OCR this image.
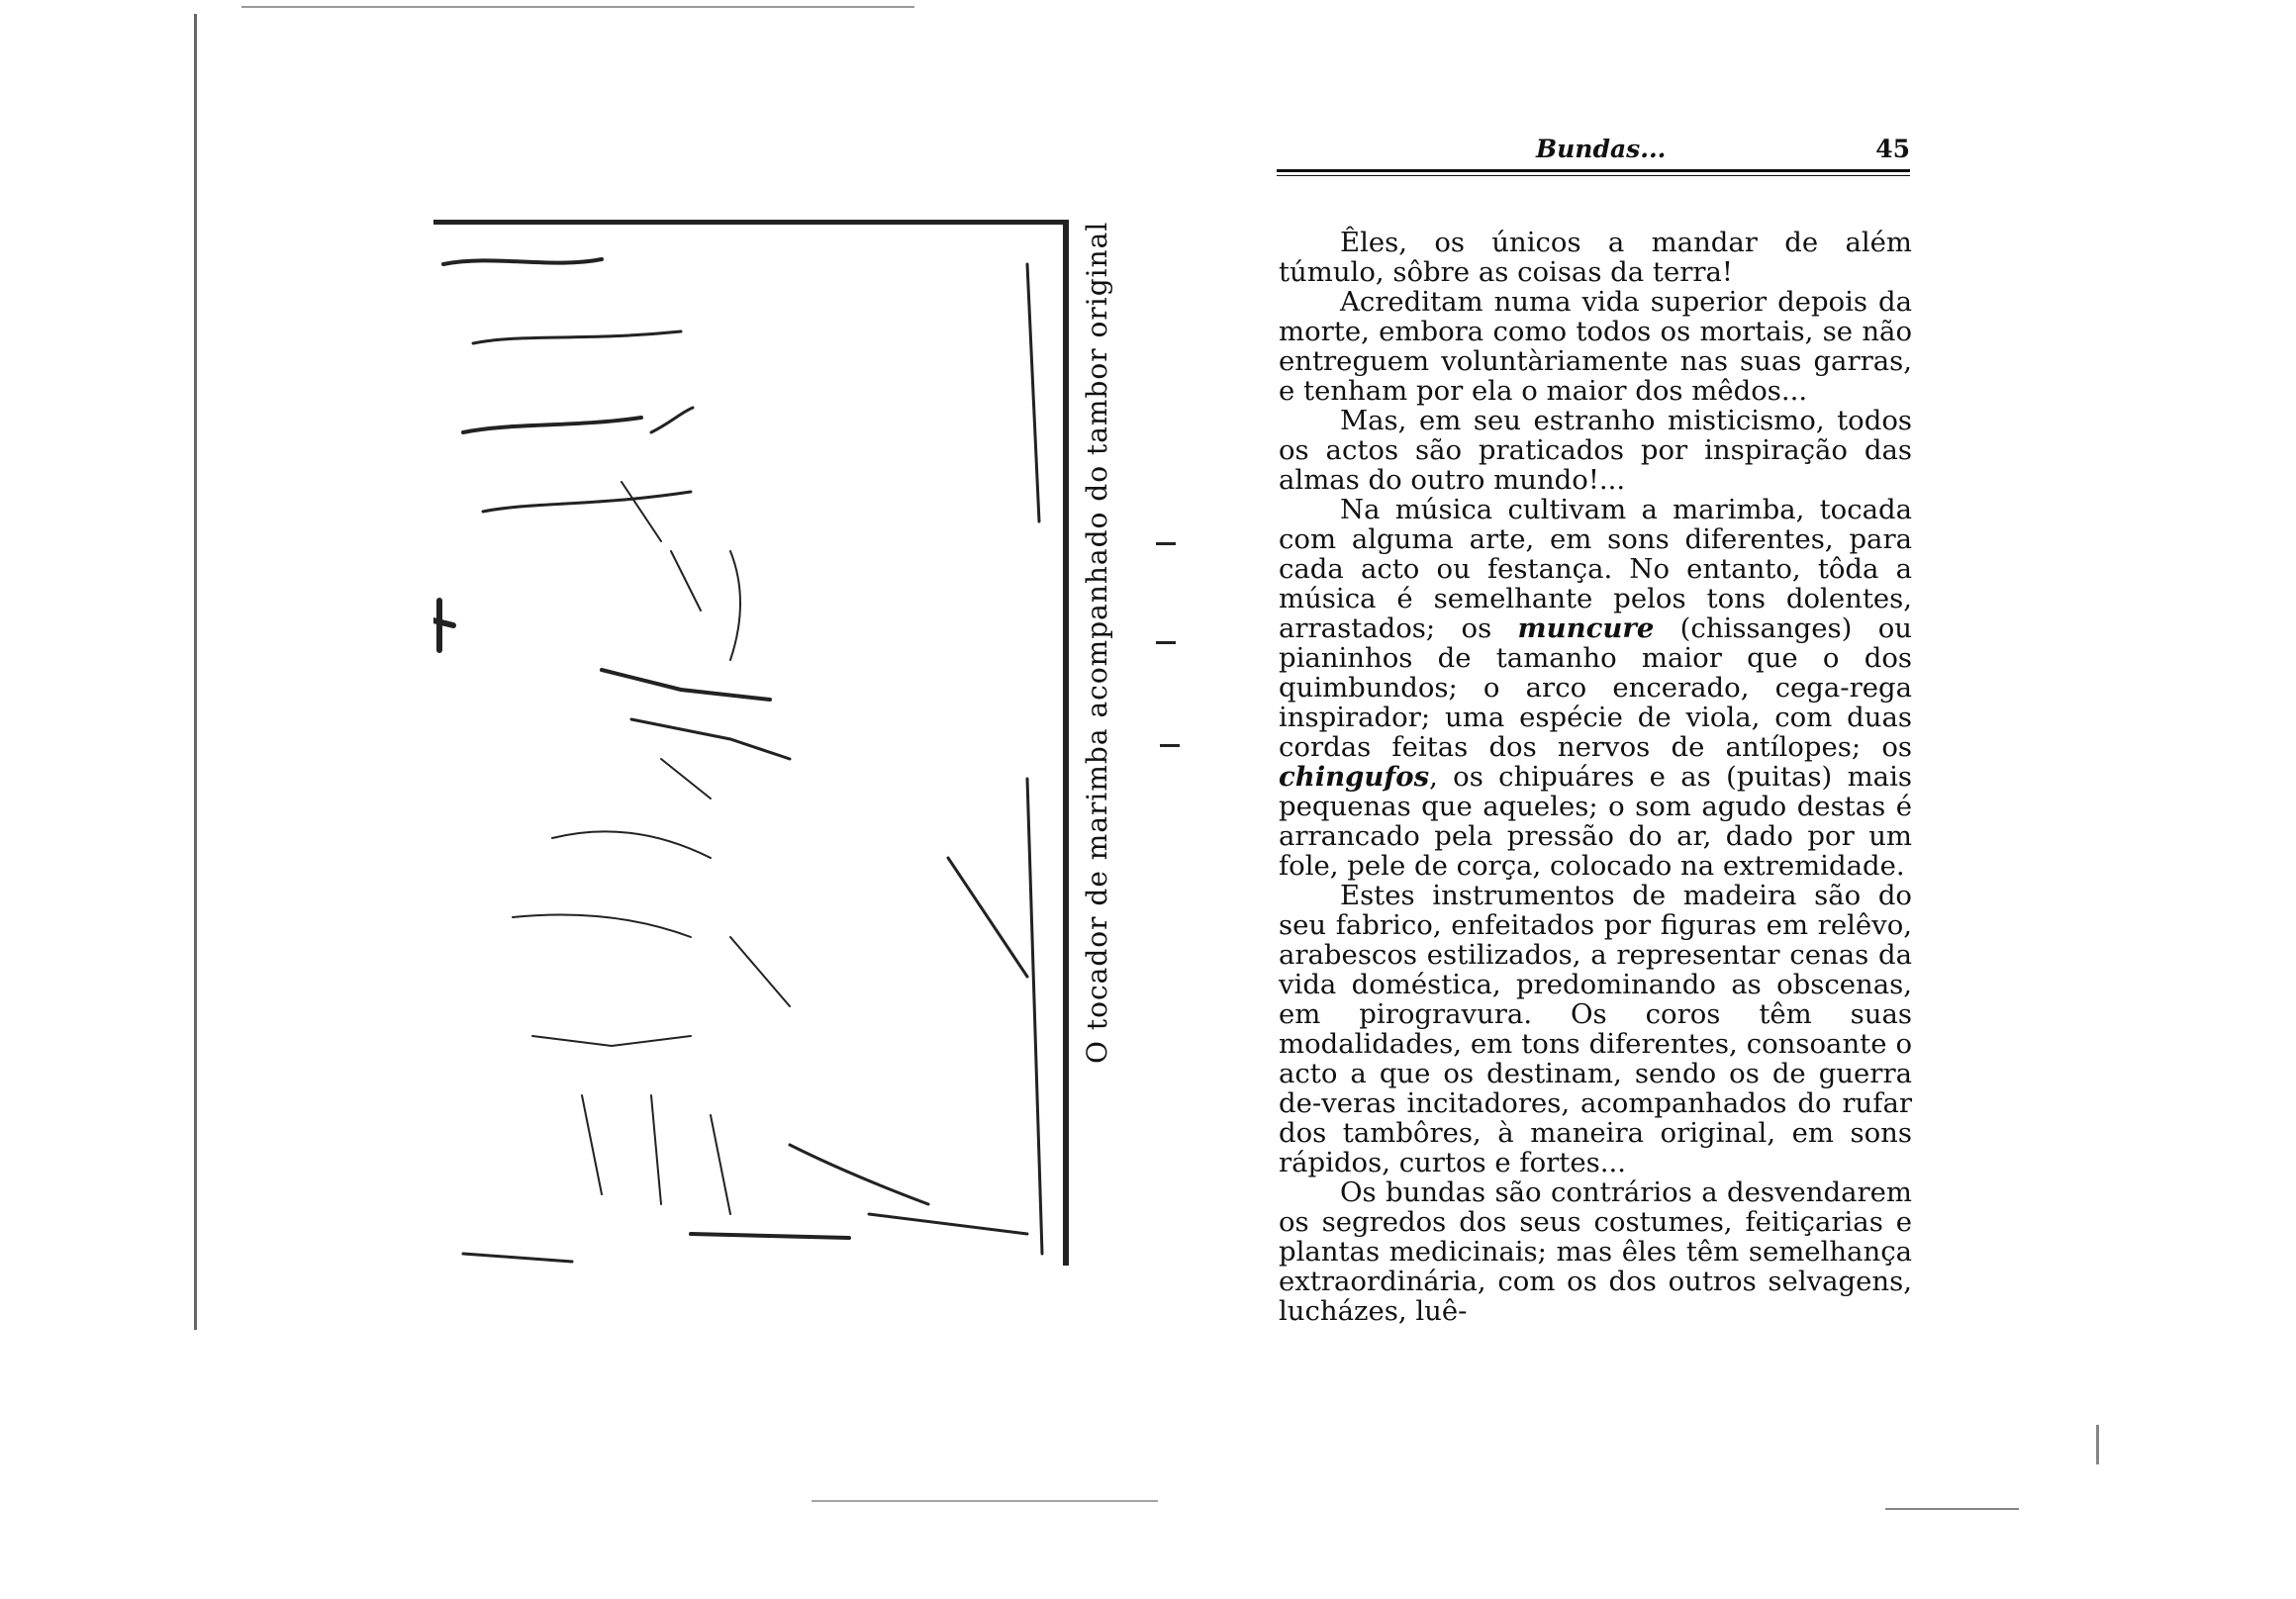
O tocador de marimba acompanhado do tambor original
Bundas...	45

Êles, os únicos a mandar de além túmulo, sôbre as coisas da terra!

Acreditam numa vida superior depois da morte, embora como todos os mortais, se não entreguem voluntàriamente nas suas garras, e tenham por ela o maior dos mêdos...

Mas, em seu estranho misticismo, todos os actos são praticados por inspiração das almas do outro mundo!...

Na música cultivam a marimba, tocada com alguma arte, em sons diferentes, para cada acto ou festança. No entanto, tôda a música é semelhante pelos tons dolentes, arrastados; os muncure (chissanges) ou pianinhos de tamanho maior que o dos quimbundos; o arco encerado, cega-rega inspirador; uma espécie de viola, com duas cordas feitas dos nervos de antílopes; os chingufos, os chipuáres e as (puitas) mais pequenas que aqueles; o som agudo destas é arrancado pela pressão do ar, dado por um fole, pele de corça, colocado na extremidade.

Estes instrumentos de madeira são do seu fabrico, enfeitados por figuras em relêvo, arabescos estilizados, a representar cenas da vida doméstica, predominando as obscenas, em pirogravura. Os coros têm suas modalidades, em tons diferentes, consoante o acto a que os destinam, sendo os de guerra de-veras incitadores, acompanhados do rufar dos tambôres, à maneira original, em sons rápidos, curtos e fortes...

Os bundas são contrários a desvendarem os segredos dos seus costumes, feitiçarias e plantas medicinais; mas êles têm semelhança extraordinária, com os dos outros selvagens, lucházes, luê-
